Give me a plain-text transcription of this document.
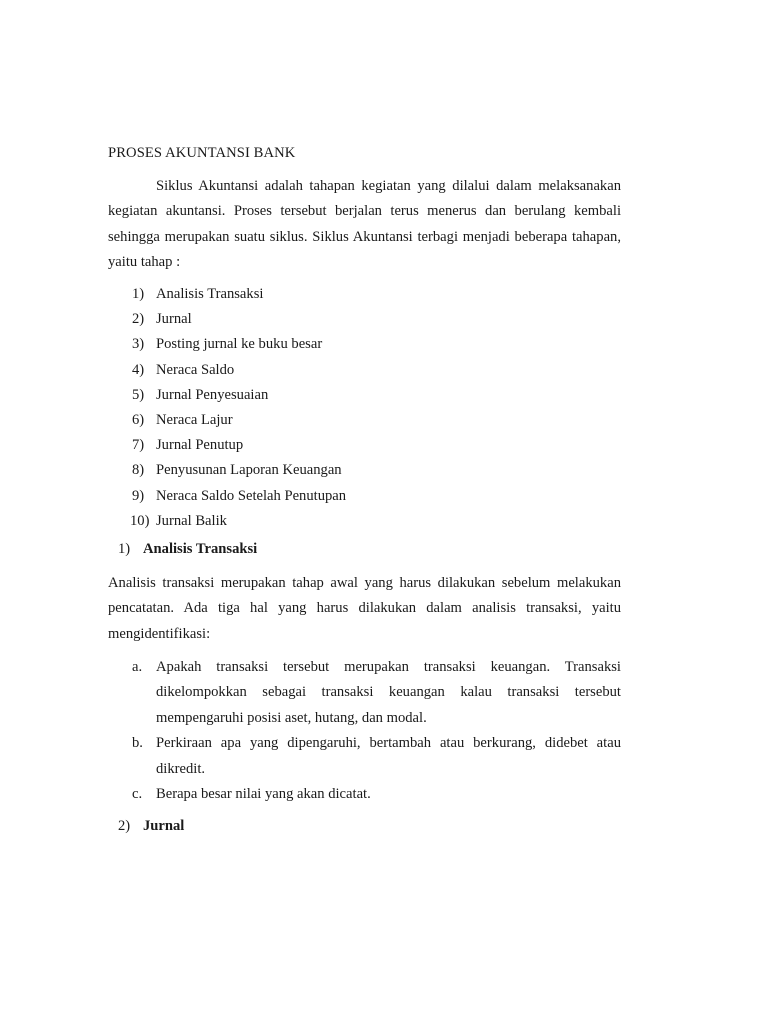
PROSES AKUNTANSI BANK

Siklus Akuntansi adalah tahapan kegiatan yang dilalui dalam melaksanakan kegiatan akuntansi. Proses tersebut berjalan terus menerus dan berulang kembali sehingga merupakan suatu siklus. Siklus Akuntansi terbagi menjadi beberapa tahapan, yaitu tahap :

1) Analisis Transaksi
2) Jurnal
3) Posting jurnal ke buku besar
4) Neraca Saldo
5) Jurnal Penyesuaian
6) Neraca Lajur
7) Jurnal Penutup
8) Penyusunan Laporan Keuangan
9) Neraca Saldo Setelah Penutupan
10) Jurnal Balik
1) Analisis Transaksi

Analisis transaksi merupakan tahap awal yang harus dilakukan sebelum melakukan pencatatan. Ada tiga hal yang harus dilakukan dalam analisis transaksi, yaitu mengidentifikasi:

a. Apakah transaksi tersebut merupakan transaksi keuangan. Transaksi dikelompokkan sebagai transaksi keuangan kalau transaksi tersebut mempengaruhi posisi aset, hutang, dan modal.
b. Perkiraan apa yang dipengaruhi, bertambah atau berkurang, didebet atau dikredit.
c. Berapa besar nilai yang akan dicatat.
2) Jurnal
